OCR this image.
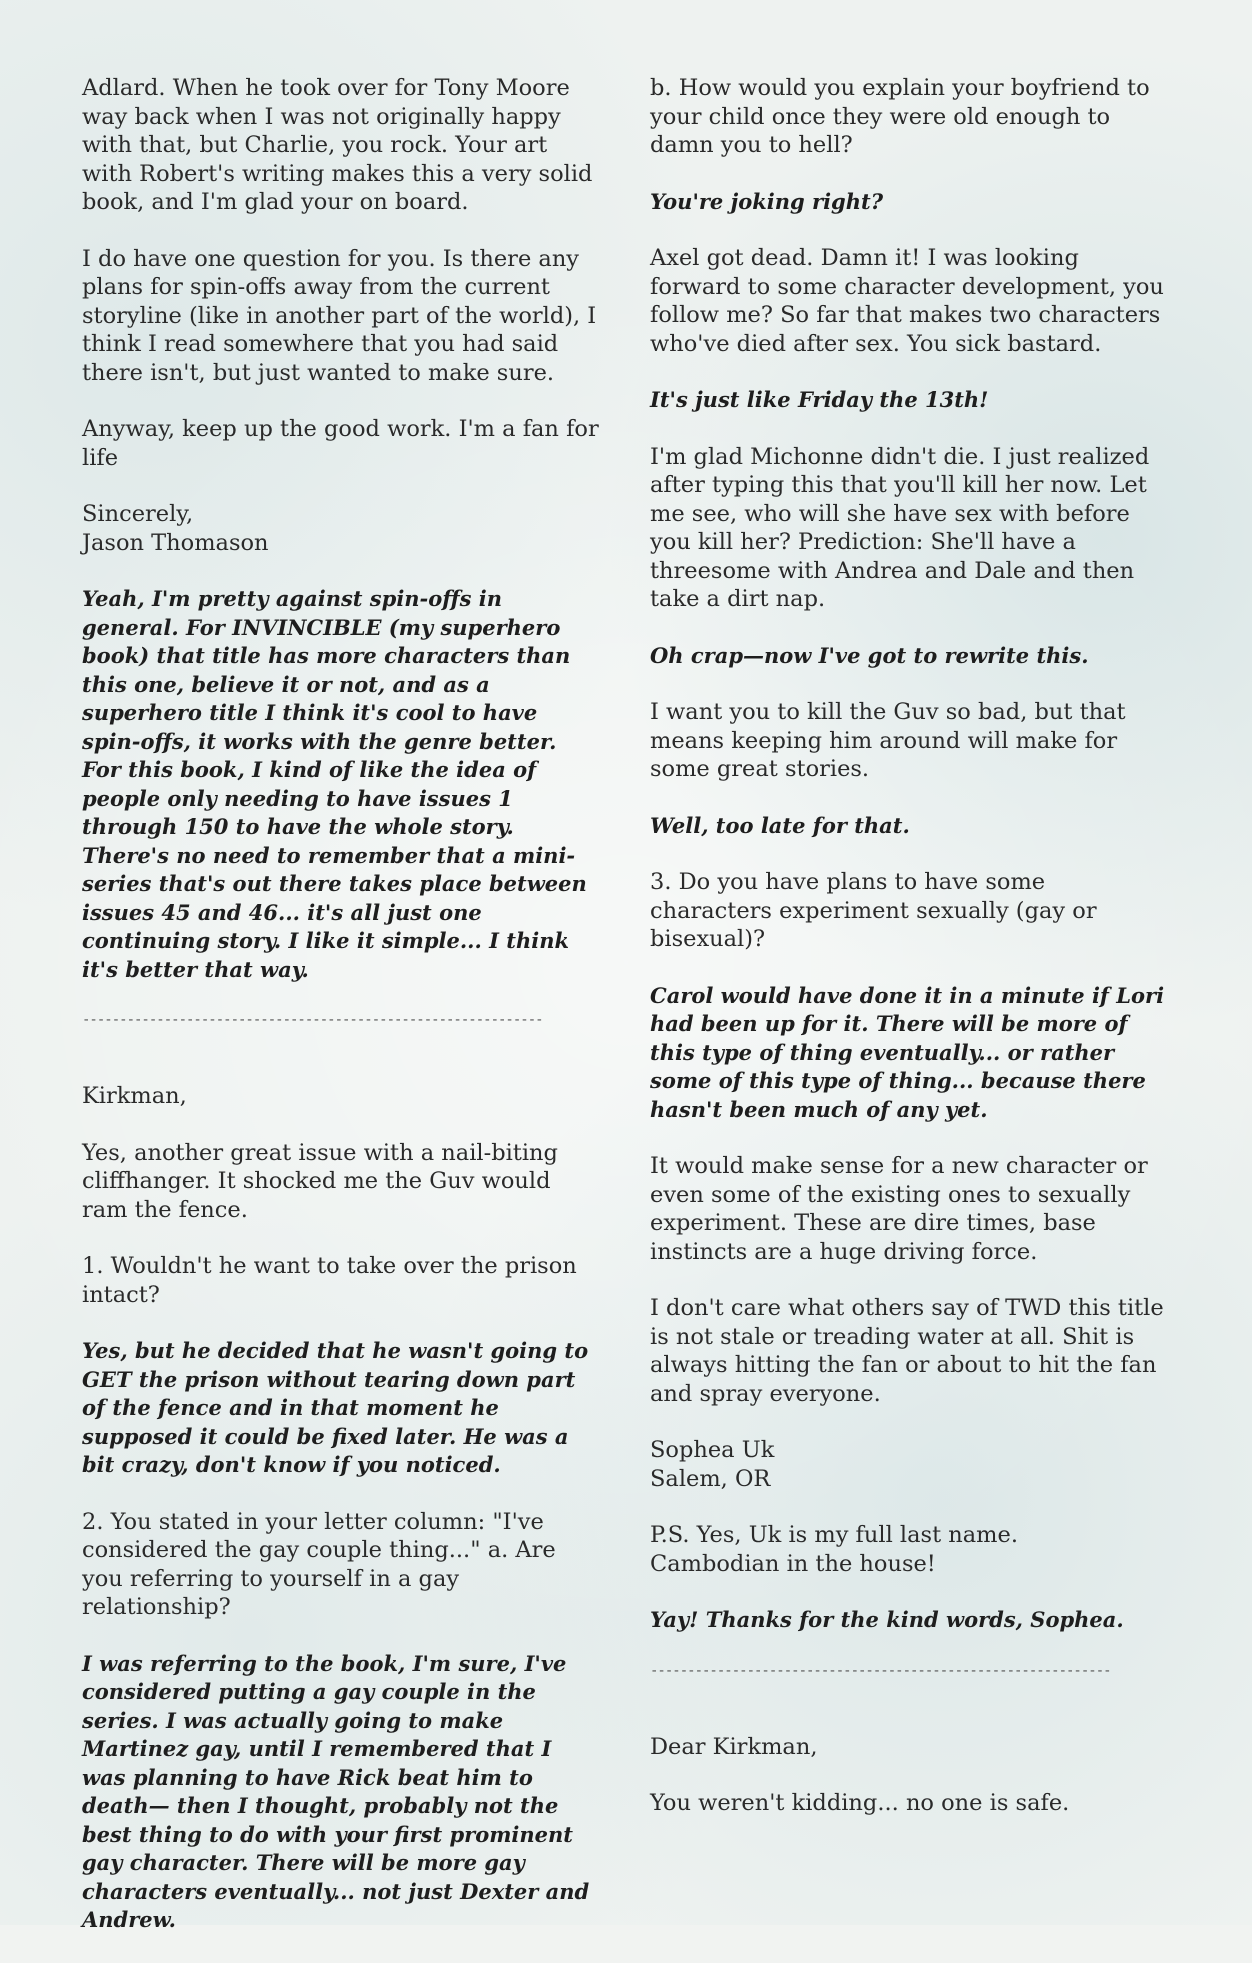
Adlard. When he took over for Tony Moore way back when I was not originally happy with that, but Charlie, you rock. Your art with Robert's writing makes this a very solid book, and I'm glad your on board.

I do have one question for you. Is there any plans for spin-offs away from the current storyline (like in another part of the world), I think I read somewhere that you had said there isn't, but just wanted to make sure.

Anyway, keep up the good work. I'm a fan for life

Sincerely,

Jason Thomason

Yeah, I'm pretty against spin-offs in general. For INVINCIBLE (my superhero book) that title has more characters than this one, believe it or not, and as a superhero title I think it's cool to have spin-offs, it works with the genre better. For this book, I kind of like the idea of people only needing to have issues 1 through 150 to have the whole story. There's no need to remember that a mini-series that's out there takes place between issues 45 and 46... it's all just one continuing story. I like it simple... I think it's better that way.

--------------------------------------------------------------

Kirkman,

Yes, another great issue with a nail-biting cliffhanger. It shocked me the Guv would ram the fence.

1. Wouldn't he want to take over the prison intact?

Yes, but he decided that he wasn't going to GET the prison without tearing down part of the fence and in that moment he supposed it could be fixed later. He was a bit crazy, don't know if you noticed.

2. You stated in your letter column: "I've considered the gay couple thing..." a. Are you referring to yourself in a gay relationship?

I was referring to the book, I'm sure, I've considered putting a gay couple in the series. I was actually going to make Martinez gay, until I remembered that I was planning to have Rick beat him to death— then I thought, probably not the best thing to do with your first prominent gay character. There will be more gay characters eventually... not just Dexter and Andrew.

b. How would you explain your boyfriend to your child once they were old enough to damn you to hell?

You're joking right?

Axel got dead. Damn it! I was looking forward to some character development, you follow me? So far that makes two characters who've died after sex. You sick bastard.

It's just like Friday the 13th!

I'm glad Michonne didn't die. I just realized after typing this that you'll kill her now. Let me see, who will she have sex with before you kill her? Prediction: She'll have a threesome with Andrea and Dale and then take a dirt nap.

Oh crap—now I've got to rewrite this.

I want you to kill the Guv so bad, but that means keeping him around will make for some great stories.

Well, too late for that.

3. Do you have plans to have some characters experiment sexually (gay or bisexual)?

Carol would have done it in a minute if Lori had been up for it. There will be more of this type of thing eventually... or rather some of this type of thing... because there hasn't been much of any yet.

It would make sense for a new character or even some of the existing ones to sexually experiment. These are dire times, base instincts are a huge driving force.

I don't care what others say of TWD this title is not stale or treading water at all. Shit is always hitting the fan or about to hit the fan and spray everyone.

Sophea Uk

Salem, OR

P.S. Yes, Uk is my full last name.

Cambodian in the house!

Yay! Thanks for the kind words, Sophea.

--------------------------------------------------------------

Dear Kirkman,

You weren't kidding... no one is safe.
